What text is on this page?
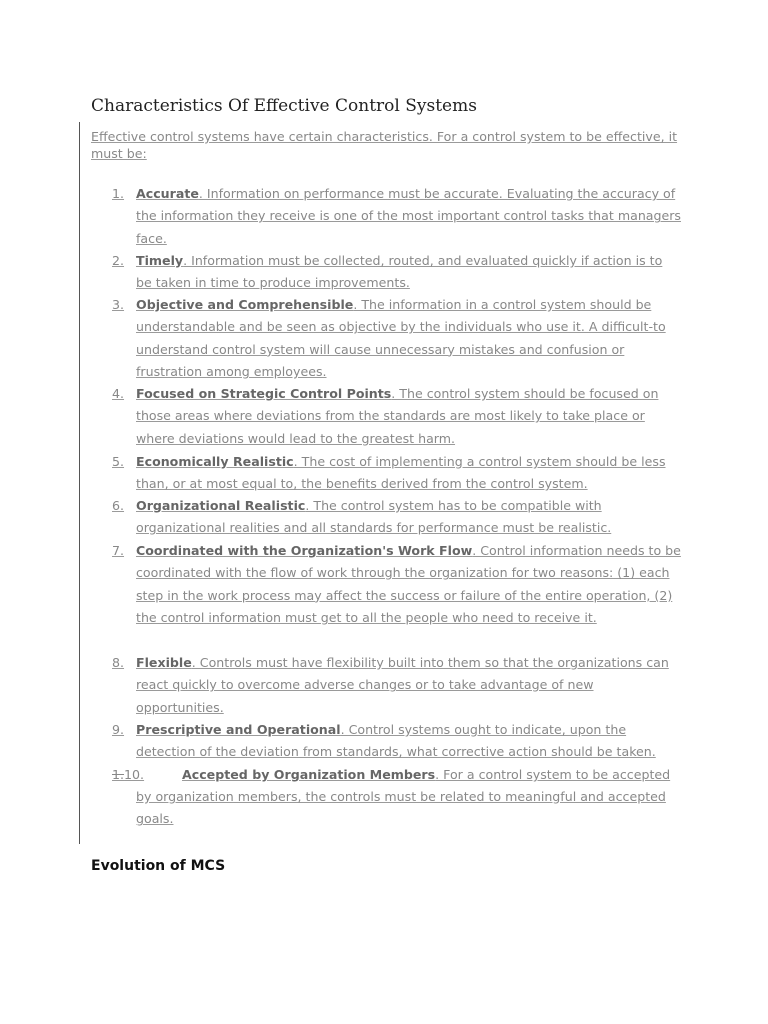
Characteristics Of Effective Control Systems
Effective control systems have certain characteristics. For a control system to be effective, it must be:
1. Accurate. Information on performance must be accurate. Evaluating the accuracy of the information they receive is one of the most important control tasks that managers face.
2. Timely. Information must be collected, routed, and evaluated quickly if action is to be taken in time to produce improvements.
3. Objective and Comprehensible. The information in a control system should be understandable and be seen as objective by the individuals who use it. A difficult-to understand control system will cause unnecessary mistakes and confusion or frustration among employees.
4. Focused on Strategic Control Points. The control system should be focused on those areas where deviations from the standards are most likely to take place or where deviations would lead to the greatest harm.
5. Economically Realistic. The cost of implementing a control system should be less than, or at most equal to, the benefits derived from the control system.
6. Organizational Realistic. The control system has to be compatible with organizational realities and all standards for performance must be realistic.
7. Coordinated with the Organization's Work Flow. Control information needs to be coordinated with the flow of work through the organization for two reasons: (1) each step in the work process may affect the success or failure of the entire operation, (2) the control information must get to all the people who need to receive it.
8. Flexible. Controls must have flexibility built into them so that the organizations can react quickly to overcome adverse changes or to take advantage of new opportunities.
9. Prescriptive and Operational. Control systems ought to indicate, upon the detection of the deviation from standards, what corrective action should be taken.
1.10.	Accepted by Organization Members. For a control system to be accepted
by organization members, the controls must be related to meaningful and accepted goals.
Evolution of MCS
